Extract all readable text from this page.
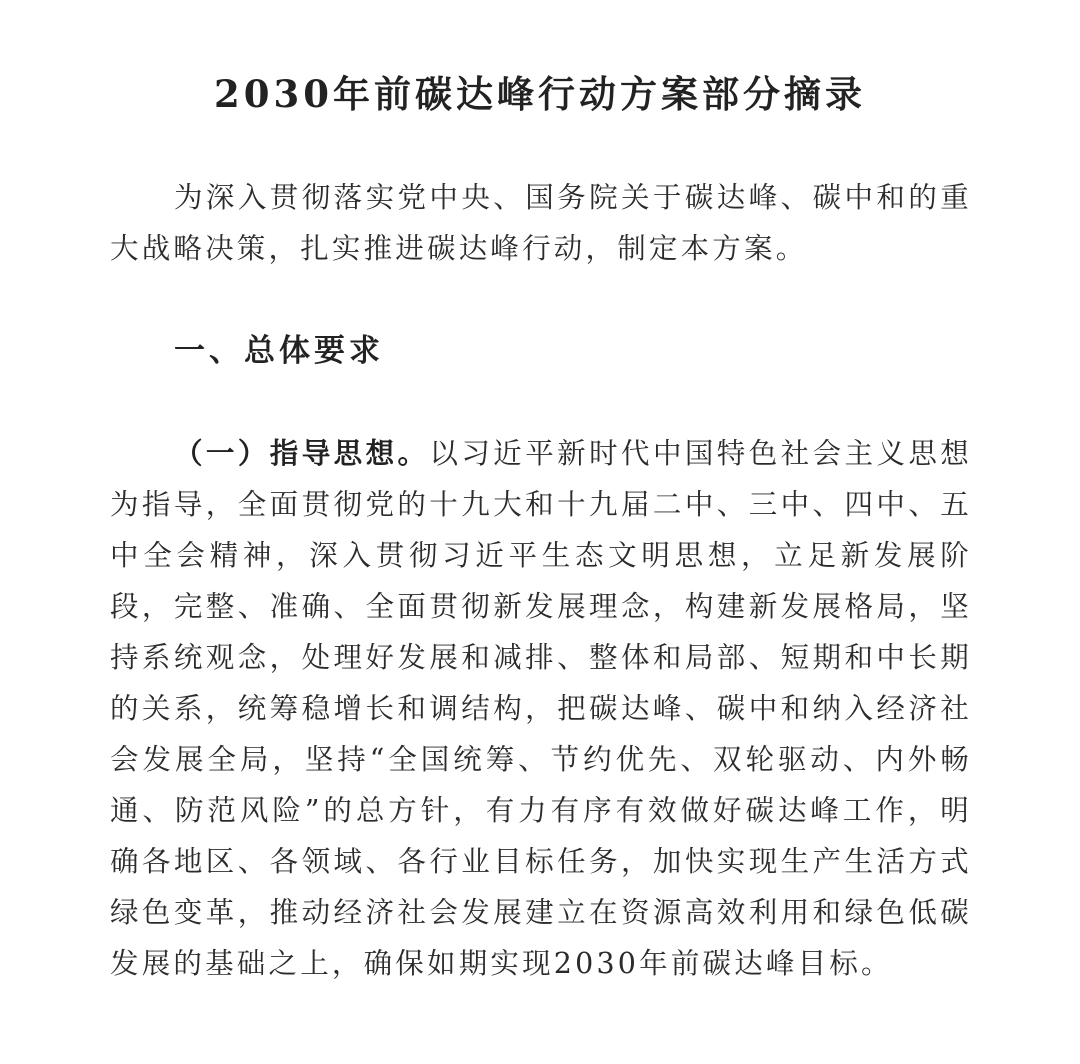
2030年前碳达峰行动方案部分摘录

为深入贯彻落实党中央、国务院关于碳达峰、碳中和的重大战略决策，扎实推进碳达峰行动，制定本方案。

一、总体要求

（一）指导思想。以习近平新时代中国特色社会主义思想为指导，全面贯彻党的十九大和十九届二中、三中、四中、五中全会精神，深入贯彻习近平生态文明思想，立足新发展阶段，完整、准确、全面贯彻新发展理念，构建新发展格局，坚持系统观念，处理好发展和减排、整体和局部、短期和中长期的关系，统筹稳增长和调结构，把碳达峰、碳中和纳入经济社会发展全局，坚持“全国统筹、节约优先、双轮驱动、内外畅通、防范风险”的总方针，有力有序有效做好碳达峰工作，明确各地区、各领域、各行业目标任务，加快实现生产生活方式绿色变革，推动经济社会发展建立在资源高效利用和绿色低碳发展的基础之上，确保如期实现2030年前碳达峰目标。
